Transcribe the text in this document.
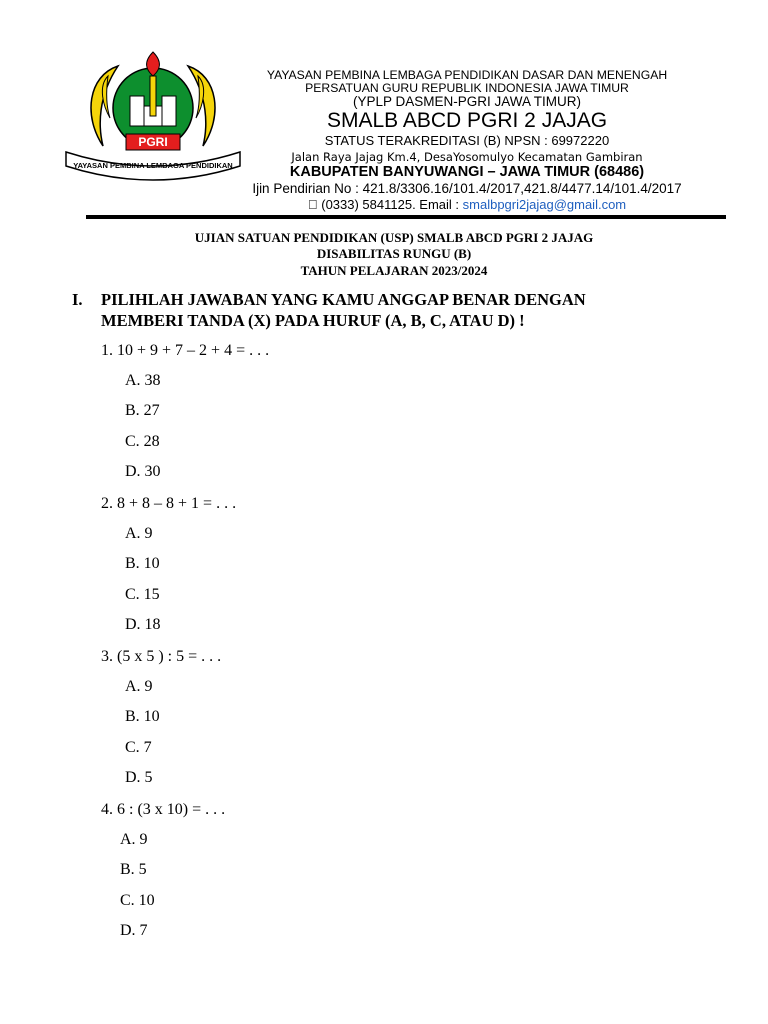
PGRI
YAYASAN PEMBINA LEMBAGA PENDIDIKAN
YAYASAN PEMBINA LEMBAGA PENDIDIKAN DASAR DAN MENENGAH
PERSATUAN GURU REPUBLIK INDONESIA JAWA TIMUR
(YPLP DASMEN-PGRI JAWA TIMUR)
SMALB ABCD PGRI 2 JAJAG
STATUS TERAKREDITASI (B) NPSN : 69972220
Jalan Raya Jajag Km.4, DesaYosomulyo Kecamatan Gambiran
KABUPATEN BANYUWANGI – JAWA TIMUR (68486)
Ijin Pendirian No : 421.8/3306.16/101.4/2017,421.8/4477.14/101.4/2017
(0333) 5841125. Email : smalbpgri2jajag@gmail.com
UJIAN SATUAN PENDIDIKAN (USP) SMALB ABCD PGRI 2 JAJAG
DISABILITAS RUNGU (B)
TAHUN PELAJARAN 2023/2024
I. PILIHLAH JAWABAN YANG KAMU ANGGAP BENAR DENGAN
MEMBERI TANDA (X) PADA HURUF (A, B, C, ATAU D) !
1. 10 + 9 + 7 – 2 + 4 = . . .
A. 38
B. 27
C. 28
D. 30
2. 8 + 8 – 8 + 1 = . . .
A. 9
B. 10
C. 15
D. 18
3. (5 x 5 ) : 5 = . . .
A. 9
B. 10
C. 7
D. 5
4. 6 : (3 x 10) = . . .
A. 9
B. 5
C. 10
D. 7
